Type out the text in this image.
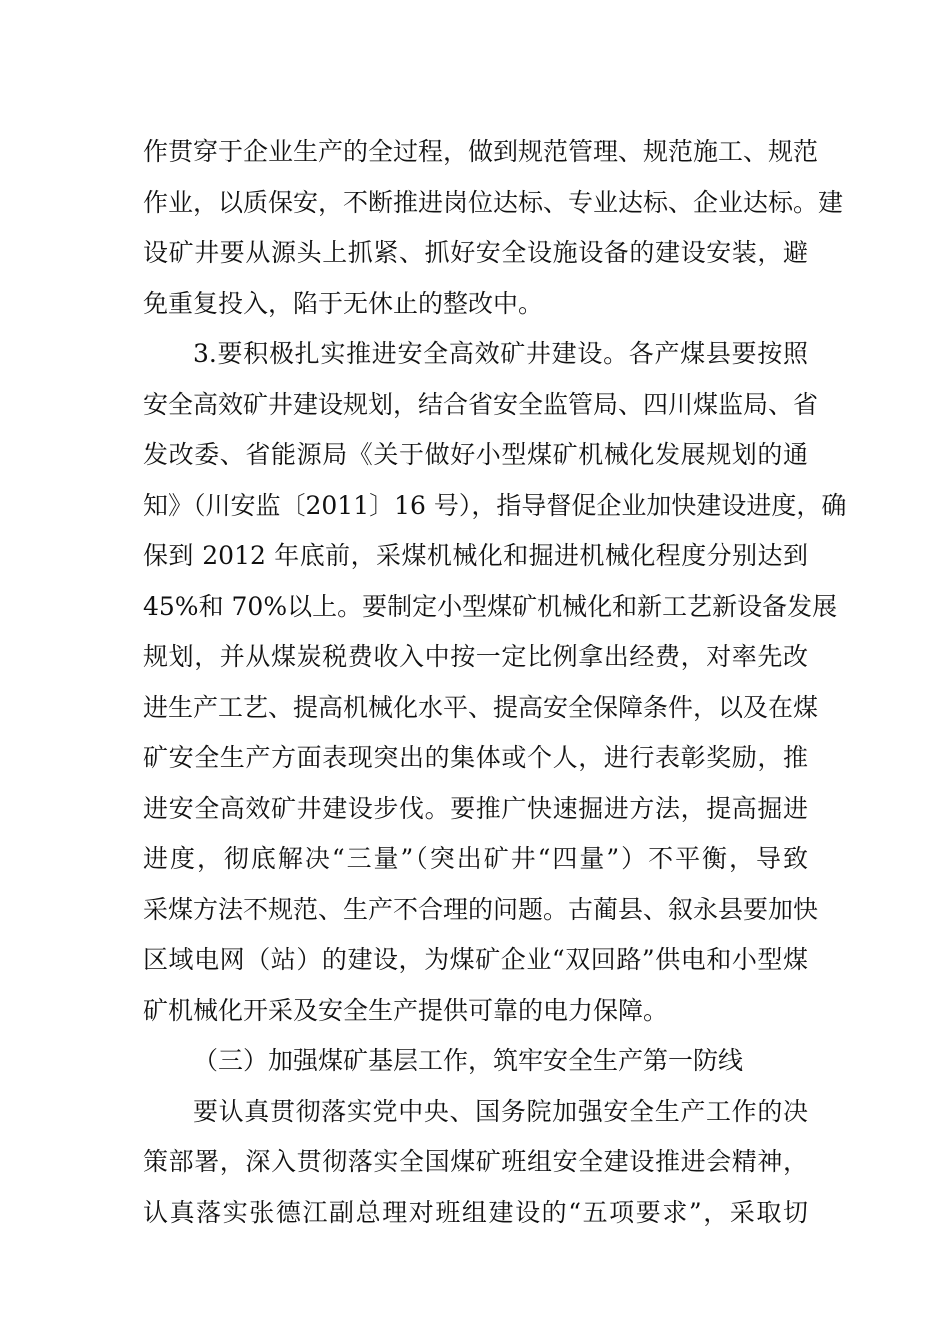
作贯穿于企业生产的全过程，做到规范管理、规范施工、规范
作业，以质保安，不断推进岗位达标、专业达标、企业达标。建
设矿井要从源头上抓紧、抓好安全设施设备的建设安装，避
免重复投入，陷于无休止的整改中。
3.要积极扎实推进安全高效矿井建设。各产煤县要按照
安全高效矿井建设规划，结合省安全监管局、四川煤监局、省
发改委、省能源局《关于做好小型煤矿机械化发展规划的通
知》（川安监〔2011〕16 号），指导督促企业加快建设进度，确
保到 2012 年底前，采煤机械化和掘进机械化程度分别达到
45%和 70%以上。要制定小型煤矿机械化和新工艺新设备发展
规划，并从煤炭税费收入中按一定比例拿出经费，对率先改
进生产工艺、提高机械化水平、提高安全保障条件，以及在煤
矿安全生产方面表现突出的集体或个人，进行表彰奖励，推
进安全高效矿井建设步伐。要推广快速掘进方法，提高掘进
进度，彻底解决“三量”（突出矿井“四量”）不平衡，导致
采煤方法不规范、生产不合理的问题。古蔺县、叙永县要加快
区域电网（站）的建设，为煤矿企业“双回路”供电和小型煤
矿机械化开采及安全生产提供可靠的电力保障。
（三）加强煤矿基层工作，筑牢安全生产第一防线
要认真贯彻落实党中央、国务院加强安全生产工作的决
策部署，深入贯彻落实全国煤矿班组安全建设推进会精神，
认真落实张德江副总理对班组建设的“五项要求”，采取切
